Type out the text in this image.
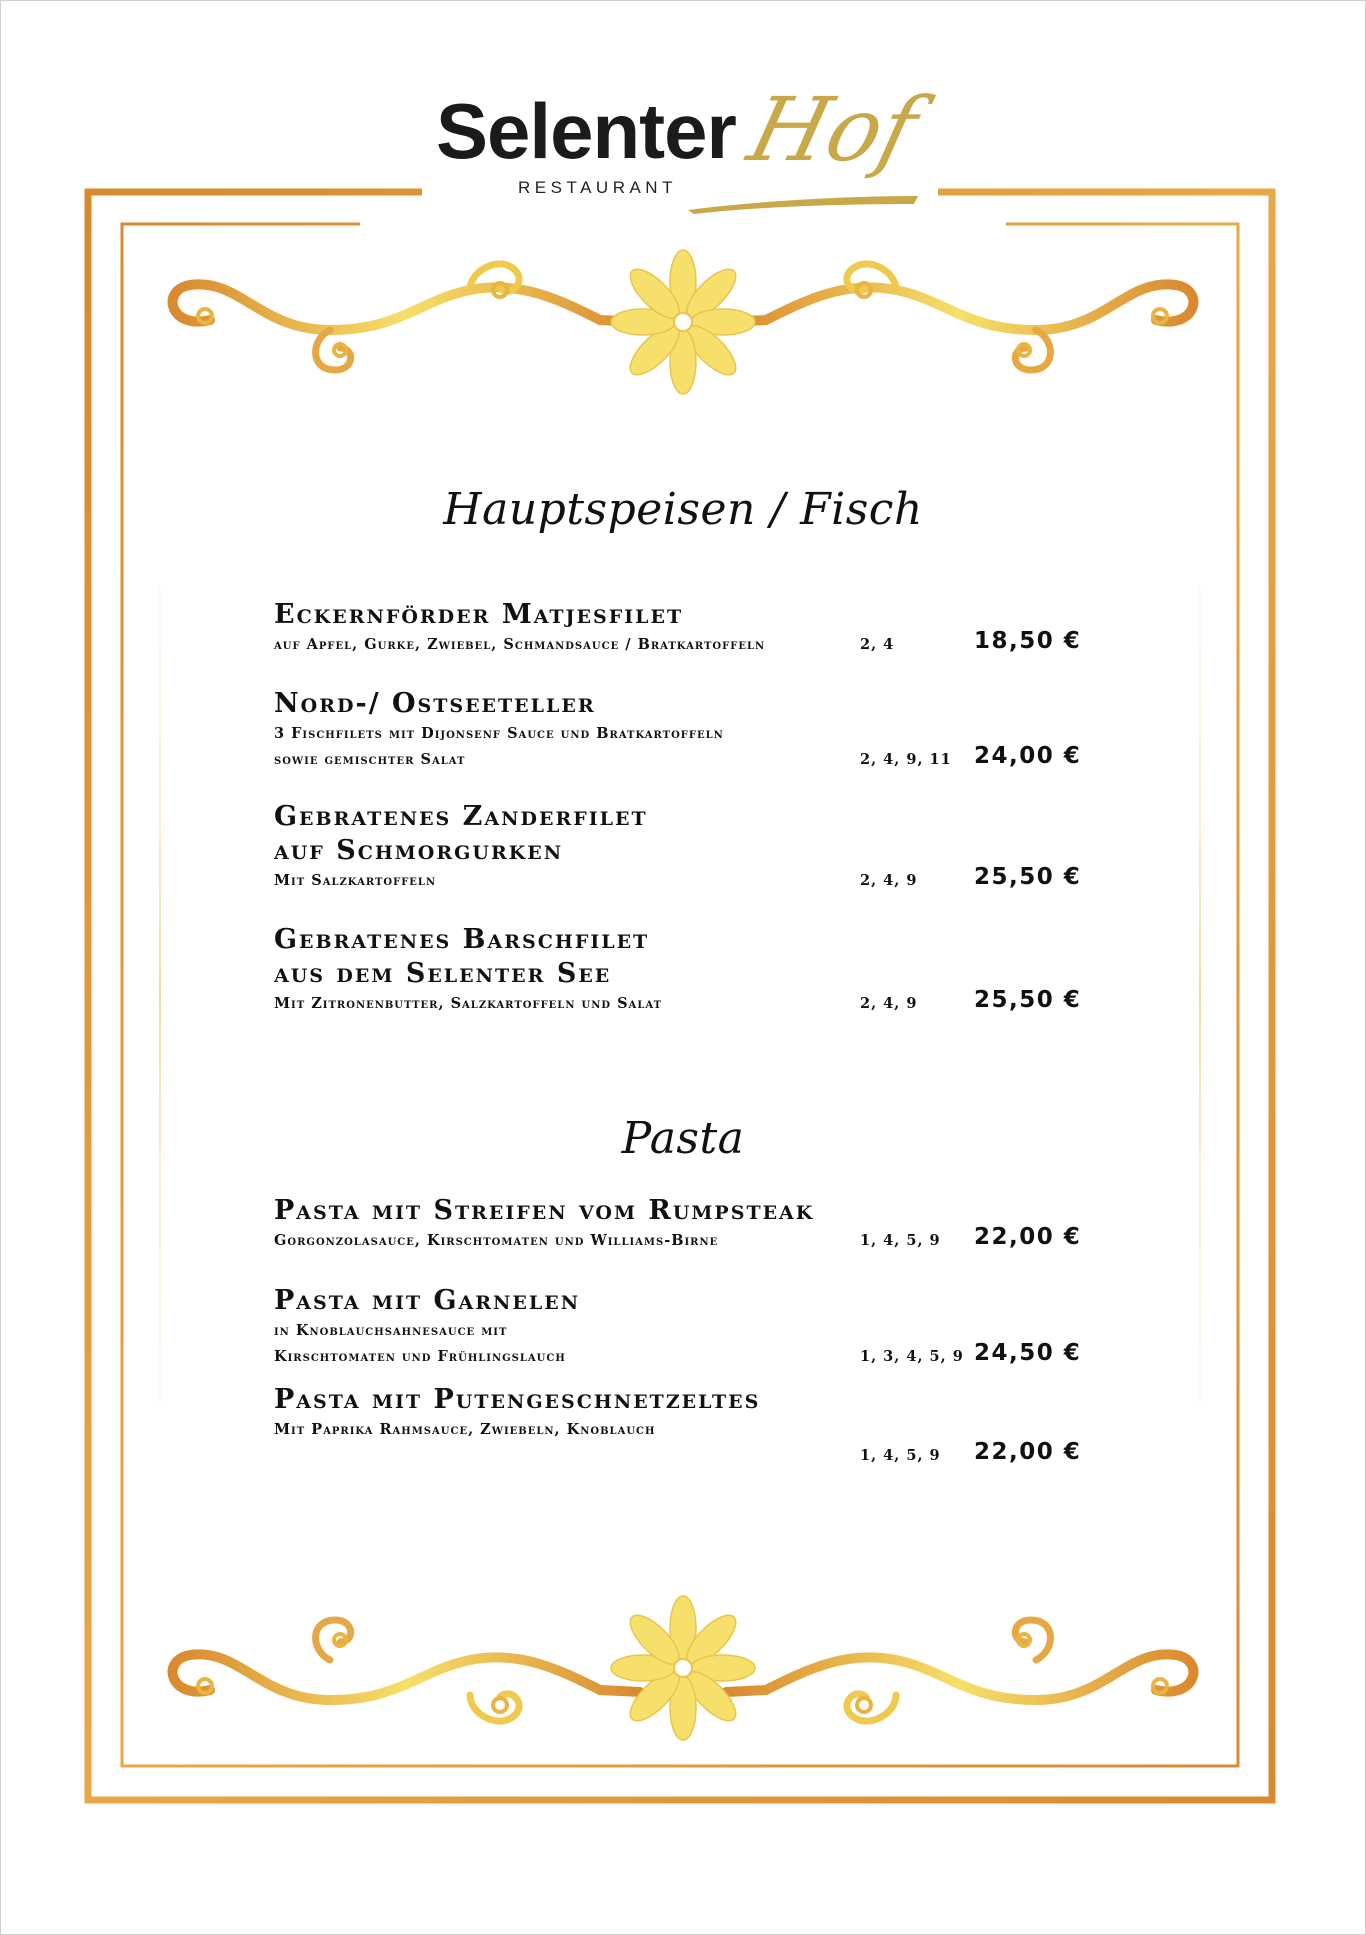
Selenter Hof
RESTAURANT
Hauptspeisen / Fisch
Eckernförder Matjesfilet
auf Apfel, Gurke, Zwiebel, Schmandsauce / Bratkartoffeln	2, 4	18,50 €
Nord-/ Ostseeteller
3 Fischfilets mit Dijonsenf Sauce und Bratkartoffeln
sowie gemischter Salat	2, 4, 9, 11 24,00 €
Gebratenes Zanderfilet
auf Schmorgurken
Mit Salzkartoffeln	2, 4, 9 25,50 €
Gebratenes Barschfilet
aus dem Selenter See
Mit Zitronenbutter, Salzkartoffeln und Salat	2, 4, 9 25,50 €
Pasta
Pasta mit Streifen vom Rumpsteak
Gorgonzolasauce, Kirschtomaten und Williams-Birne	1, 4, 5, 9 22,00 €
Pasta mit Garnelen
in Knoblauchsahnesauce mit
Kirschtomaten und Frühlingslauch	1, 3, 4, 5, 9 24,50 €
Pasta mit Putengeschnetzeltes
Mit Paprika Rahmsauce, Zwiebeln, Knoblauch
1, 4, 5, 9 22,00 €
